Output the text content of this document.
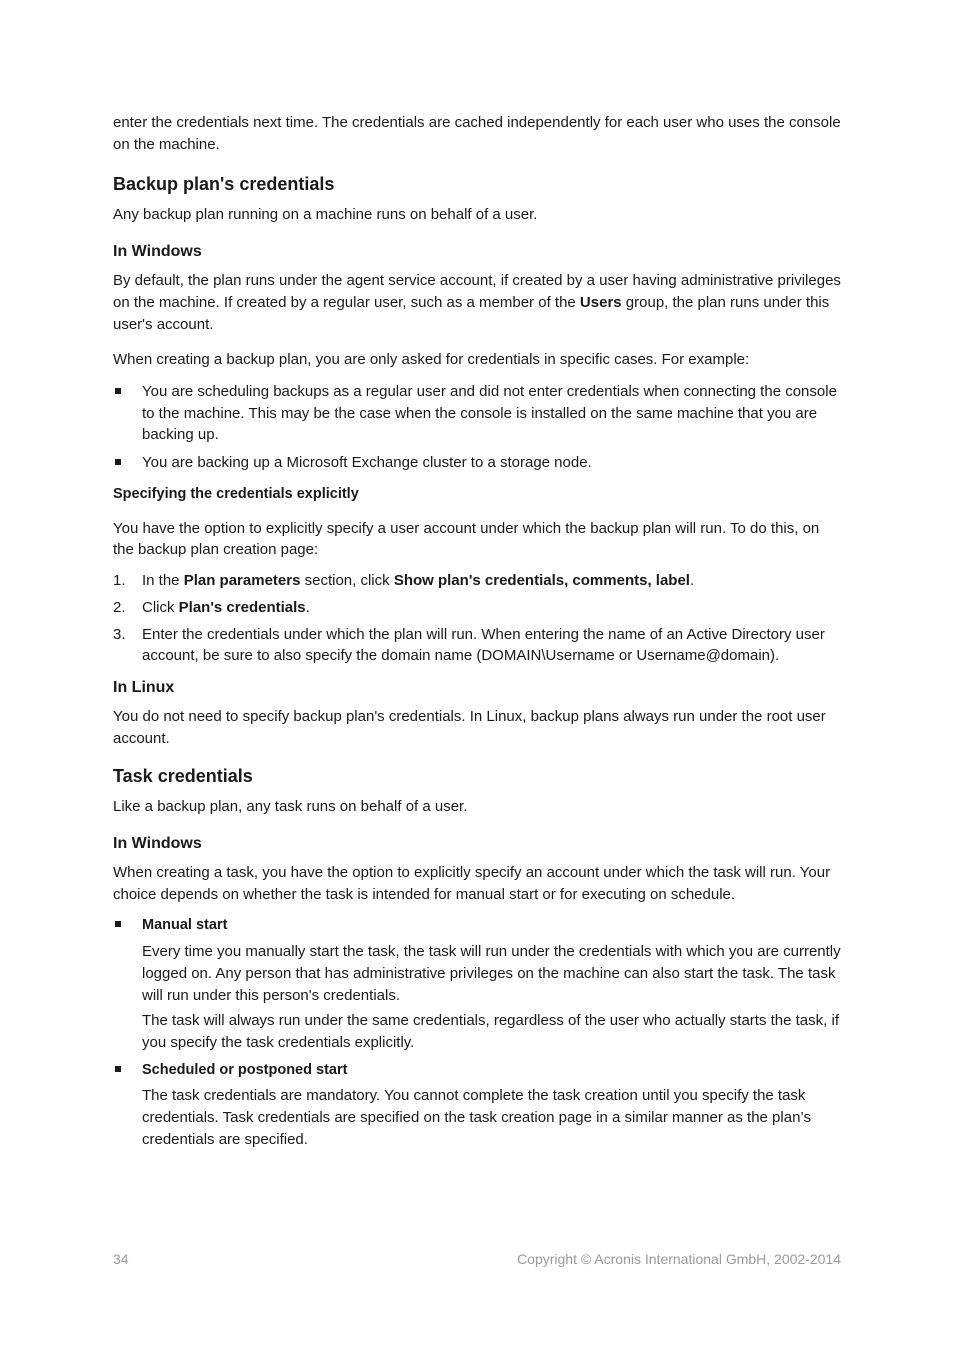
enter the credentials next time. The credentials are cached independently for each user who uses the console on the machine.

Backup plan's credentials

Any backup plan running on a machine runs on behalf of a user.

In Windows

By default, the plan runs under the agent service account, if created by a user having administrative privileges on the machine. If created by a regular user, such as a member of the Users group, the plan runs under this user's account.

When creating a backup plan, you are only asked for credentials in specific cases. For example:

You are scheduling backups as a regular user and did not enter credentials when connecting the console to the machine. This may be the case when the console is installed on the same machine that you are backing up.
You are backing up a Microsoft Exchange cluster to a storage node.
Specifying the credentials explicitly

You have the option to explicitly specify a user account under which the backup plan will run. To do this, on the backup plan creation page:

1. In the Plan parameters section, click Show plan's credentials, comments, label.
2. Click Plan's credentials.
3. Enter the credentials under which the plan will run. When entering the name of an Active Directory user account, be sure to also specify the domain name (DOMAIN\Username or Username@domain).
In Linux

You do not need to specify backup plan's credentials. In Linux, backup plans always run under the root user account.

Task credentials

Like a backup plan, any task runs on behalf of a user.

In Windows

When creating a task, you have the option to explicitly specify an account under which the task will run. Your choice depends on whether the task is intended for manual start or for executing on schedule.

Manual start

Every time you manually start the task, the task will run under the credentials with which you are currently logged on. Any person that has administrative privileges on the machine can also start the task. The task will run under this person's credentials.

The task will always run under the same credentials, regardless of the user who actually starts the task, if you specify the task credentials explicitly.

Scheduled or postponed start

The task credentials are mandatory. You cannot complete the task creation until you specify the task credentials. Task credentials are specified on the task creation page in a similar manner as the plan’s credentials are specified.

34	Copyright © Acronis International GmbH, 2002-2014
